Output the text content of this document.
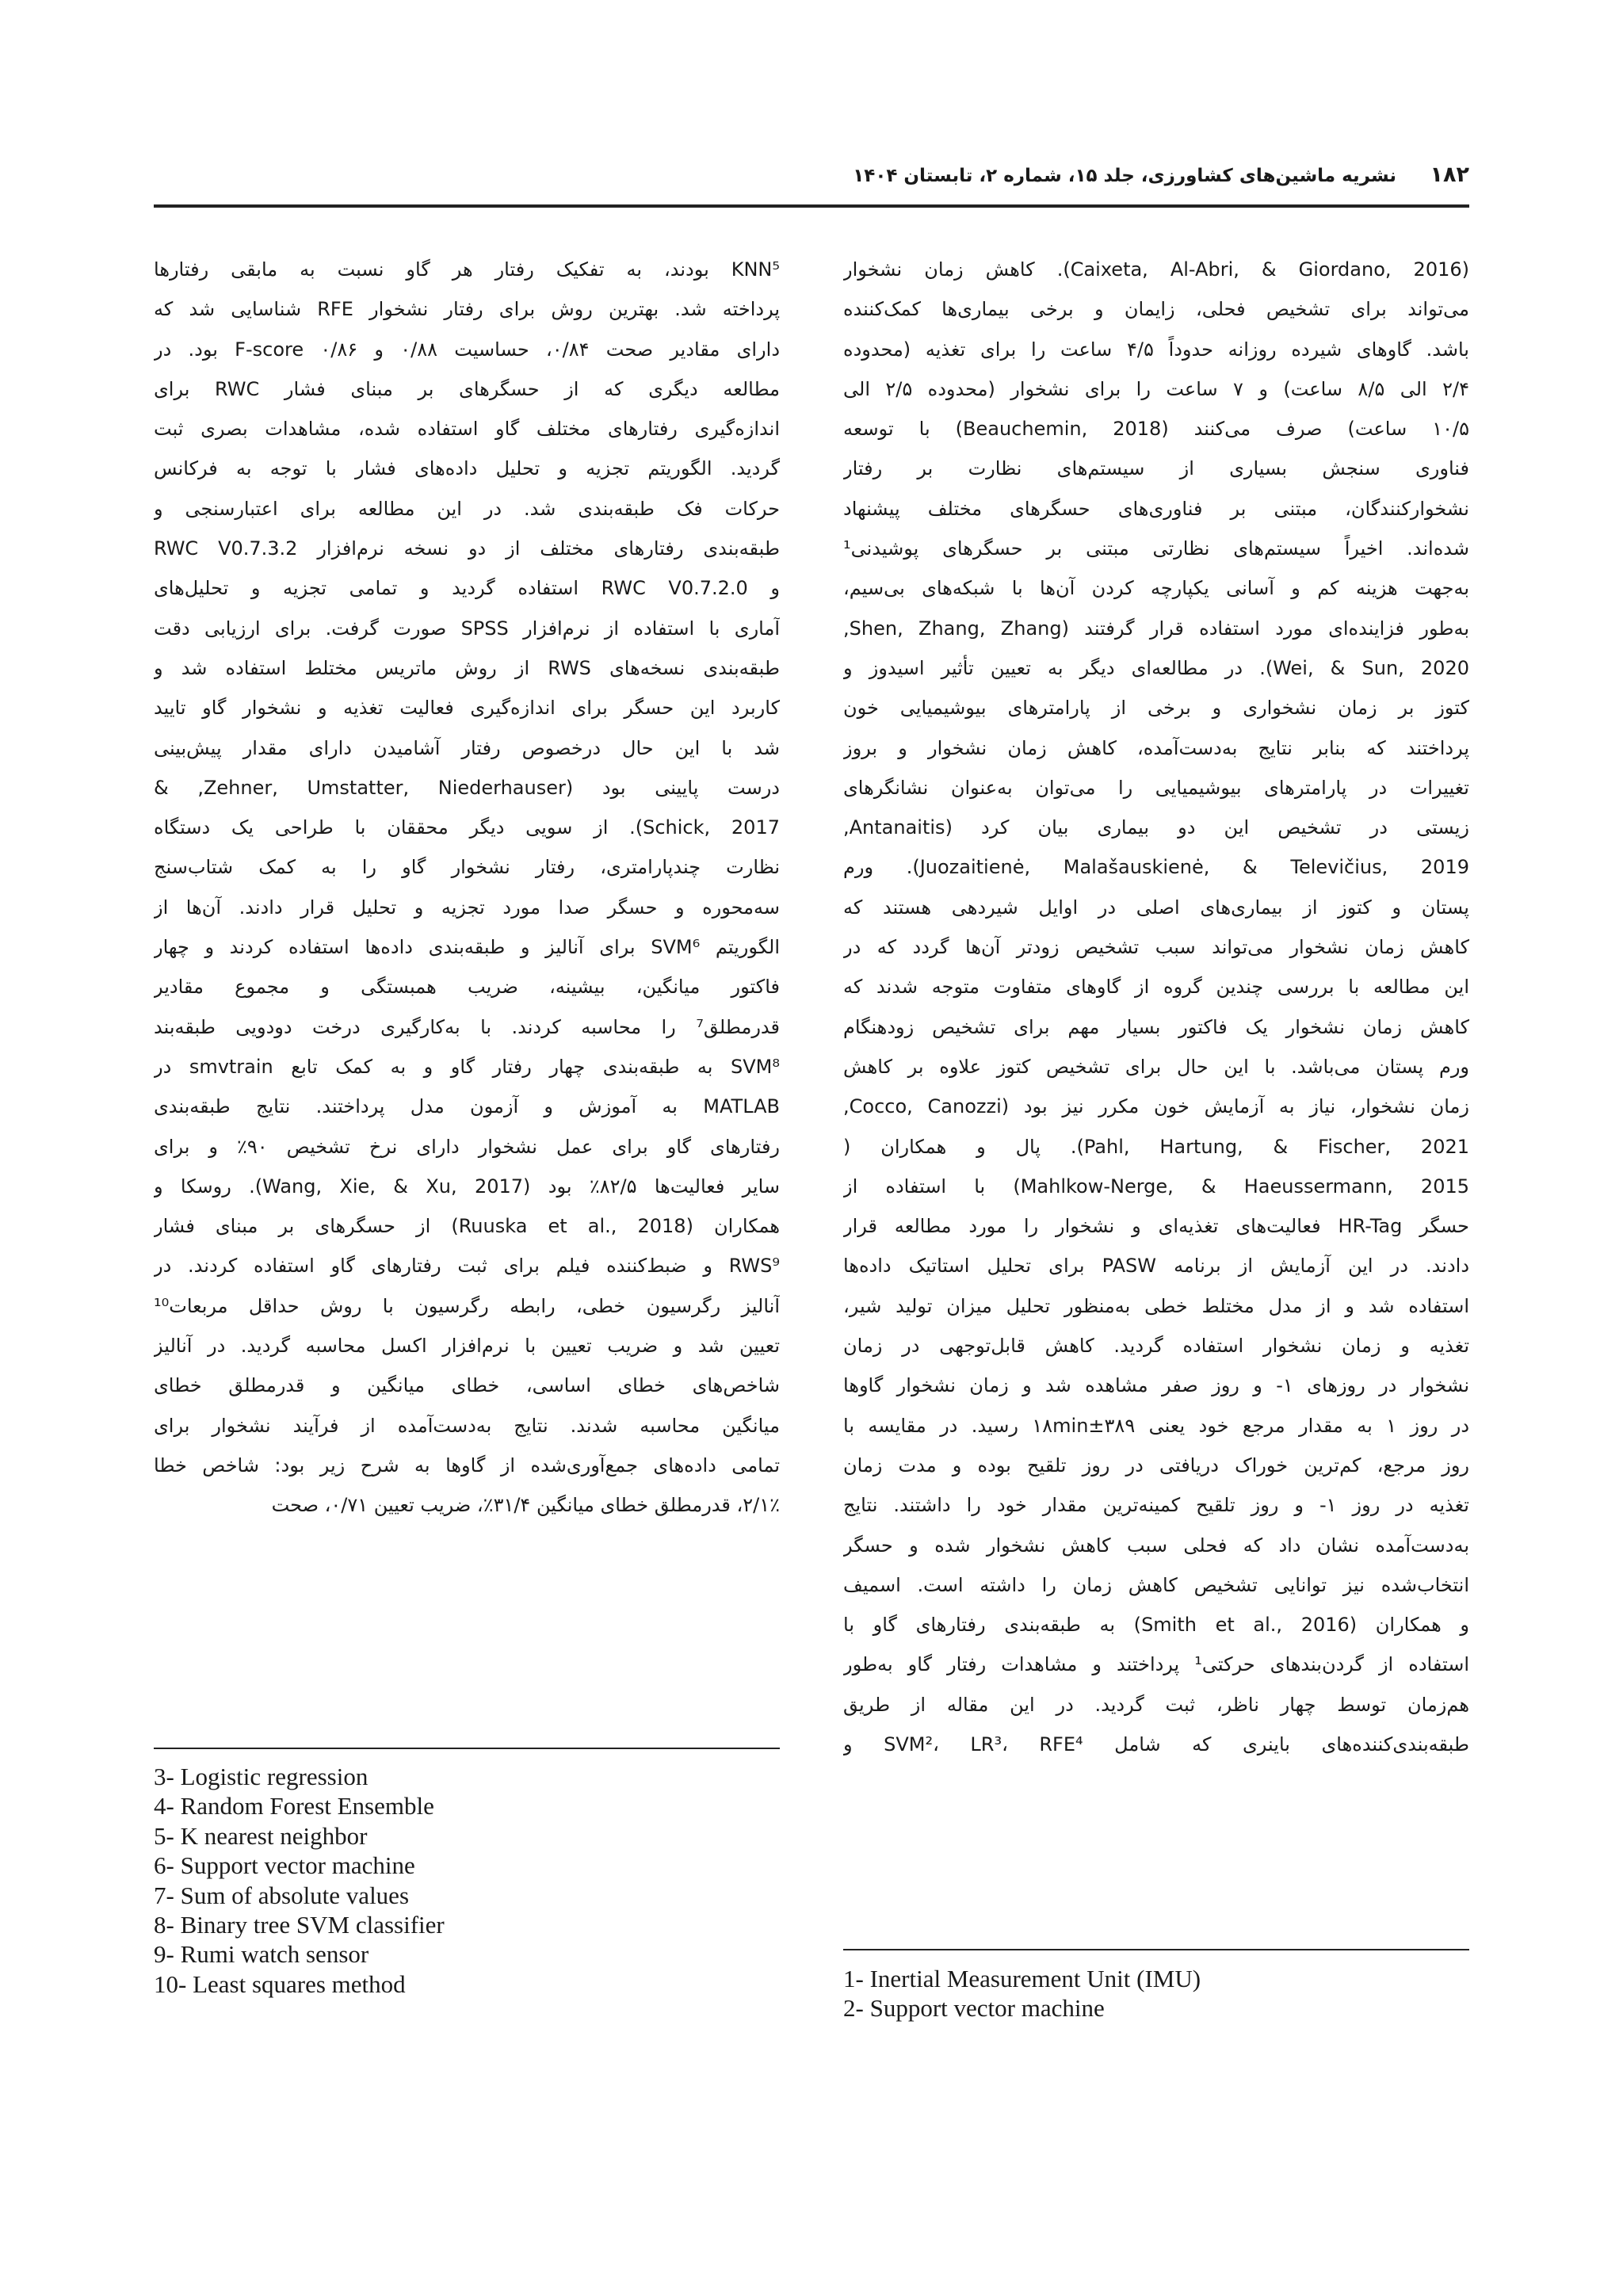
۱۸۲
نشریه ماشین‌های کشاورزی، جلد ۱۵، شماره ۲، تابستان ۱۴۰۴
(Caixeta, Al-Abri, & Giordano, 2016). کاهش زمان نشخوار
می‌تواند برای تشخیص فحلی، زایمان و برخی بیماری‌ها کمک‌کننده
باشد. گاوهای شیرده روزانه حدوداً ۴/۵ ساعت را برای تغذیه (محدوده
۲/۴ الی ۸/۵ ساعت) و ۷ ساعت را برای نشخوار (محدوده ۲/۵ الی
۱۰/۵ ساعت) صرف می‌کنند (Beauchemin, 2018) با توسعه
فناوری سنجش بسیاری از سیستم‌های نظارت بر رفتار
نشخوارکنندگان، مبتنی بر فناوری‌های حسگرهای مختلف پیشنهاد
شده‌اند. اخیراً سیستم‌های نظارتی مبتنی بر حسگرهای پوشیدنی¹
به‌جهت هزینه کم و آسانی یکپارچه کردن آن‌ها با شبکه‌های بی‌سیم،
به‌طور فزاینده‌ای مورد استفاده قرار گرفتند (Shen, Zhang, Zhang,
Wei, & Sun, 2020). در مطالعه‌ای دیگر به تعیین تأثیر اسیدوز و
کتوز بر زمان نشخواری و برخی از پارامترهای بیوشیمیایی خون
پرداختند که بنابر نتایج به‌دست‌آمده، کاهش زمان نشخوار و بروز
تغییرات در پارامترهای بیوشیمیایی را می‌توان به‌عنوان نشانگرهای
زیستی در تشخیص این دو بیماری بیان کرد (Antanaitis,
Juozaitienė, Malašauskienė, & Televičius, 2019). ورم
پستان و کتوز از بیماری‌های اصلی در اوایل شیردهی هستند که
کاهش زمان نشخوار می‌تواند سبب تشخیص زودتر آن‌ها گردد که در
این مطالعه با بررسی چندین گروه از گاوهای متفاوت متوجه شدند که
کاهش زمان نشخوار یک فاکتور بسیار مهم برای تشخیص زودهنگام
ورم پستان می‌باشد. با این حال برای تشخیص کتوز علاوه بر کاهش
زمان نشخوار، نیاز به آزمایش خون مکرر نیز بود (Cocco, Canozzi,
Pahl, Hartung, & Fischer, 2021). پال و همکاران (
Mahlkow-Nerge, & Haeussermann, 2015) با استفاده از
حسگر HR-Tag فعالیت‌های تغذیه‌ای و نشخوار را مورد مطالعه قرار
دادند. در این آزمایش از برنامه PASW برای تحلیل استاتیک داده‌ها
استفاده شد و از مدل مختلط خطی به‌منظور تحلیل میزان تولید شیر،
تغذیه و زمان نشخوار استفاده گردید. کاهش قابل‌توجهی در زمان
نشخوار در روزهای ۱- و روز صفر مشاهده شد و زمان نشخوار گاوها
در روز ۱ به مقدار مرجع خود یعنی ۳۸۹±۱۸min رسید. در مقایسه با
روز مرجع، کم‌ترین خوراک دریافتی در روز تلقیح بوده و مدت زمان
تغذیه در روز ۱- و روز تلقیح کمینه‌ترین مقدار خود را داشتند. نتایج
به‌دست‌آمده نشان داد که فحلی سبب کاهش نشخوار شده و حسگر
انتخاب‌شده نیز توانایی تشخیص کاهش زمان را داشته است. اسمیف
و همکاران (Smith et al., 2016) به طبقه‌بندی رفتارهای گاو با
استفاده از گردن‌بندهای حرکتی¹ پرداختند و مشاهدات رفتار گاو به‌طور
هم‌زمان توسط چهار ناظر، ثبت گردید. در این مقاله از طریق
طبقه‌بندی‌کننده‌های باینری که شامل SVM²، LR³، RFE⁴ و
KNN⁵ بودند، به تفکیک رفتار هر گاو نسبت به مابقی رفتارها
پرداخته شد. بهترین روش برای رفتار نشخوار RFE شناسایی شد که
دارای مقادیر صحت ۰/۸۴، حساسیت ۰/۸۸ و F-score ۰/۸۶ بود. در
مطالعه دیگری که از حسگرهای بر مبنای فشار RWC برای
اندازه‌گیری رفتارهای مختلف گاو استفاده شده، مشاهدات بصری ثبت
گردید. الگوریتم تجزیه و تحلیل داده‌های فشار با توجه به فرکانس
حرکات فک طبقه‌بندی شد. در این مطالعه برای اعتبارسنجی و
طبقه‌بندی رفتارهای مختلف از دو نسخه نرم‌افزار RWC V0.7.3.2
و RWC V0.7.2.0 استفاده گردید و تمامی تجزیه و تحلیل‌های
آماری با استفاده از نرم‌افزار SPSS صورت گرفت. برای ارزیابی دقت
طبقه‌بندی نسخه‌های RWS از روش ماتریس مختلط استفاده شد و
کاربرد این حسگر برای اندازه‌گیری فعالیت تغذیه و نشخوار گاو تایید
شد با این حال درخصوص رفتار آشامیدن دارای مقدار پیش‌بینی
درست پایینی بود (Zehner, Umstatter, Niederhauser, &
Schick, 2017). از سویی دیگر محققان با طراحی یک دستگاه
نظارت چندپارامتری، رفتار نشخوار گاو را به کمک شتاب‌سنج
سه‌محوره و حسگر صدا مورد تجزیه و تحلیل قرار دادند. آن‌ها از
الگوریتم SVM⁶ برای آنالیز و طبقه‌بندی داده‌ها استفاده کردند و چهار
فاکتور میانگین، بیشینه، ضریب همبستگی و مجموع مقادیر
قدرمطلق⁷ را محاسبه کردند. با به‌کارگیری درخت دودویی طبقه‌بند
SVM⁸ به طبقه‌بندی چهار رفتار گاو و به کمک تابع smvtrain در
MATLAB به آموزش و آزمون مدل پرداختند. نتایج طبقه‌بندی
رفتارهای گاو برای عمل نشخوار دارای نرخ تشخیص ۹۰٪ و برای
سایر فعالیت‌ها ۸۲/۵٪ بود (Wang, Xie, & Xu, 2017). روسکا و
همکاران (Ruuska et al., 2018) از حسگرهای بر مبنای فشار
RWS⁹ و ضبط‌کننده فیلم برای ثبت رفتارهای گاو استفاده کردند. در
آنالیز رگرسیون خطی، رابطه رگرسیون با روش حداقل مربعات¹⁰
تعیین شد و ضریب تعیین با نرم‌افزار اکسل محاسبه گردید. در آنالیز
شاخص‌های خطای اساسی، خطای میانگین و قدرمطلق خطای
میانگین محاسبه شدند. نتایج به‌دست‌آمده از فرآیند نشخوار برای
تمامی داده‌های جمع‌آوری‌شده از گاوها به شرح زیر بود: شاخص خطا
۲/۱٪، قدرمطلق خطای میانگین ۳۱/۴٪، ضریب تعیین ۰/۷۱، صحت
3- Logistic regression
4- Random Forest Ensemble
5- K nearest neighbor
6- Support vector machine
7- Sum of absolute values
8- Binary tree SVM classifier
9- Rumi watch sensor
10- Least squares method	1- Inertial Measurement Unit (IMU)
2- Support vector machine
